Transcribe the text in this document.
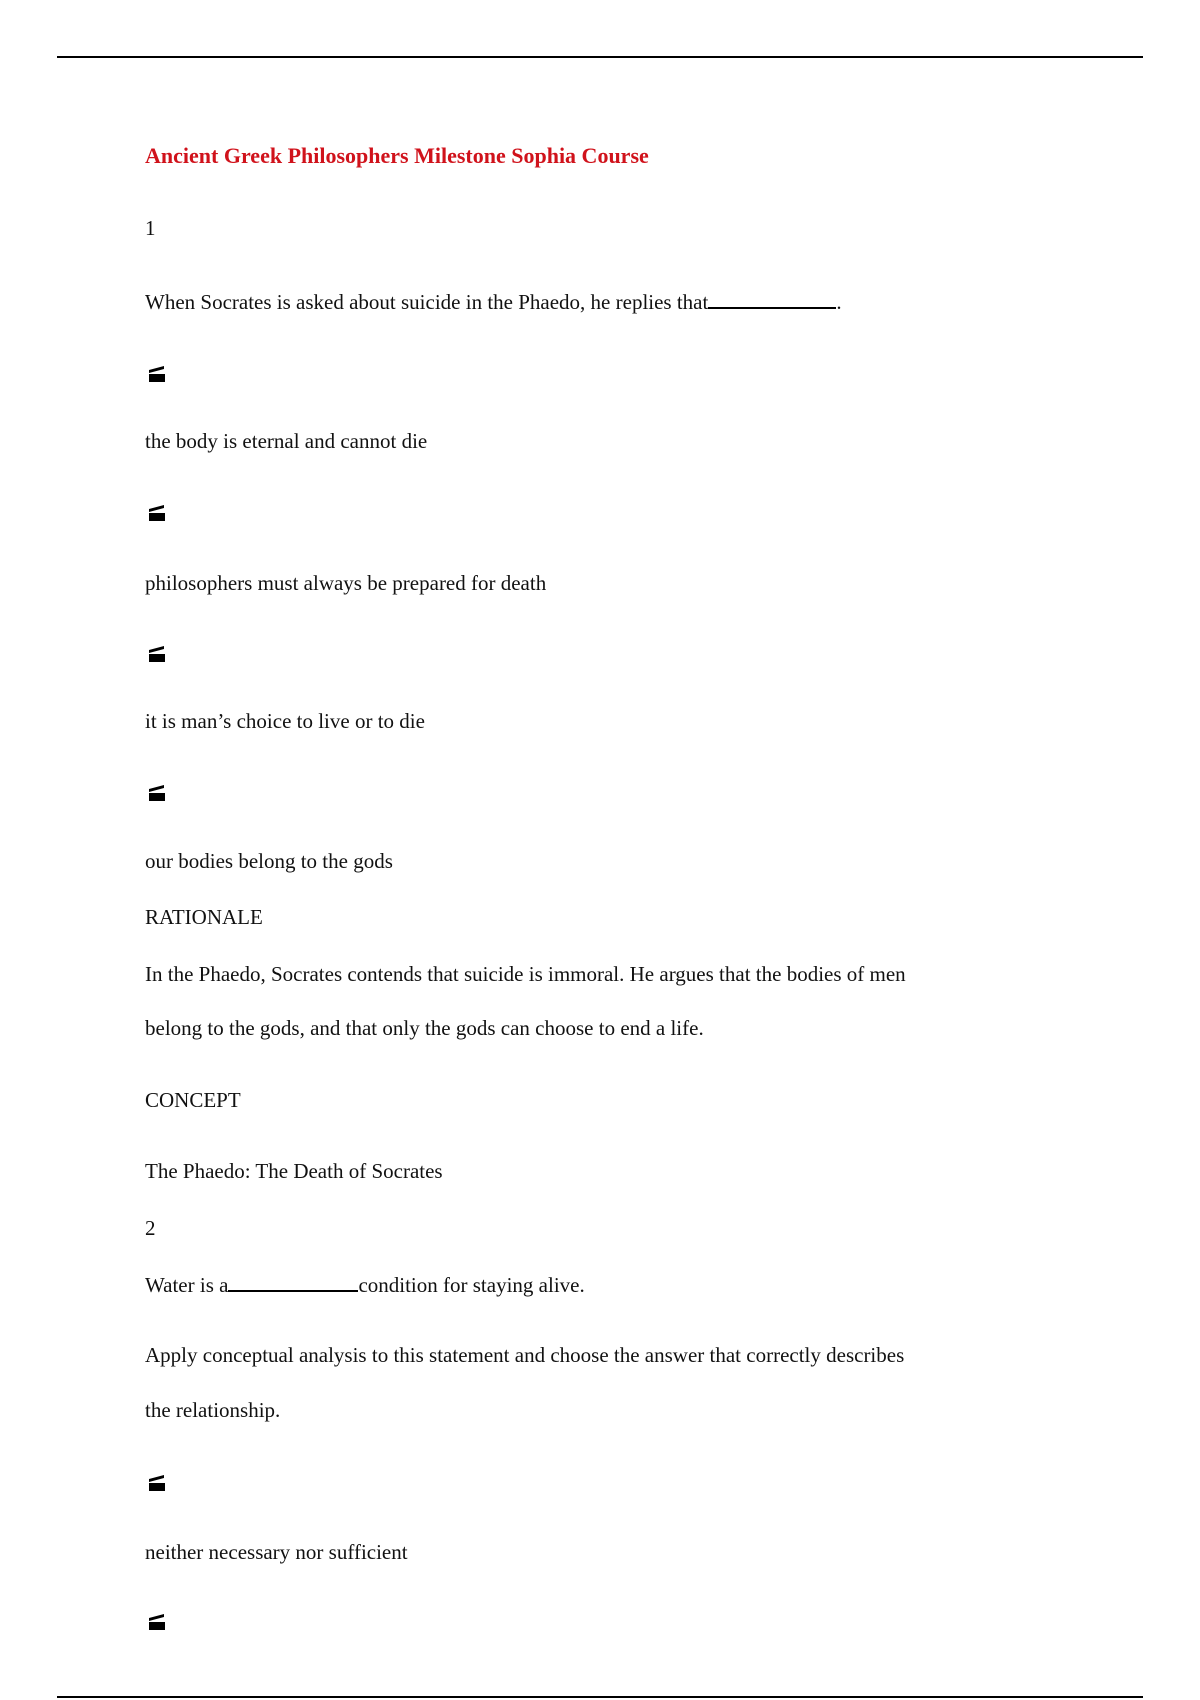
Ancient Greek Philosophers Milestone Sophia Course
1
When Socrates is asked about suicide in the Phaedo, he replies that	.
the body is eternal and cannot die
philosophers must always be prepared for death
it is man’s choice to live or to die
our bodies belong to the gods
RATIONALE
In the Phaedo, Socrates contends that suicide is immoral. He argues that the bodies of men
belong to the gods, and that only the gods can choose to end a life.
CONCEPT
The Phaedo: The Death of Socrates
2
Water is a	condition for staying alive.
Apply conceptual analysis to this statement and choose the answer that correctly describes
the relationship.
neither necessary nor sufficient
